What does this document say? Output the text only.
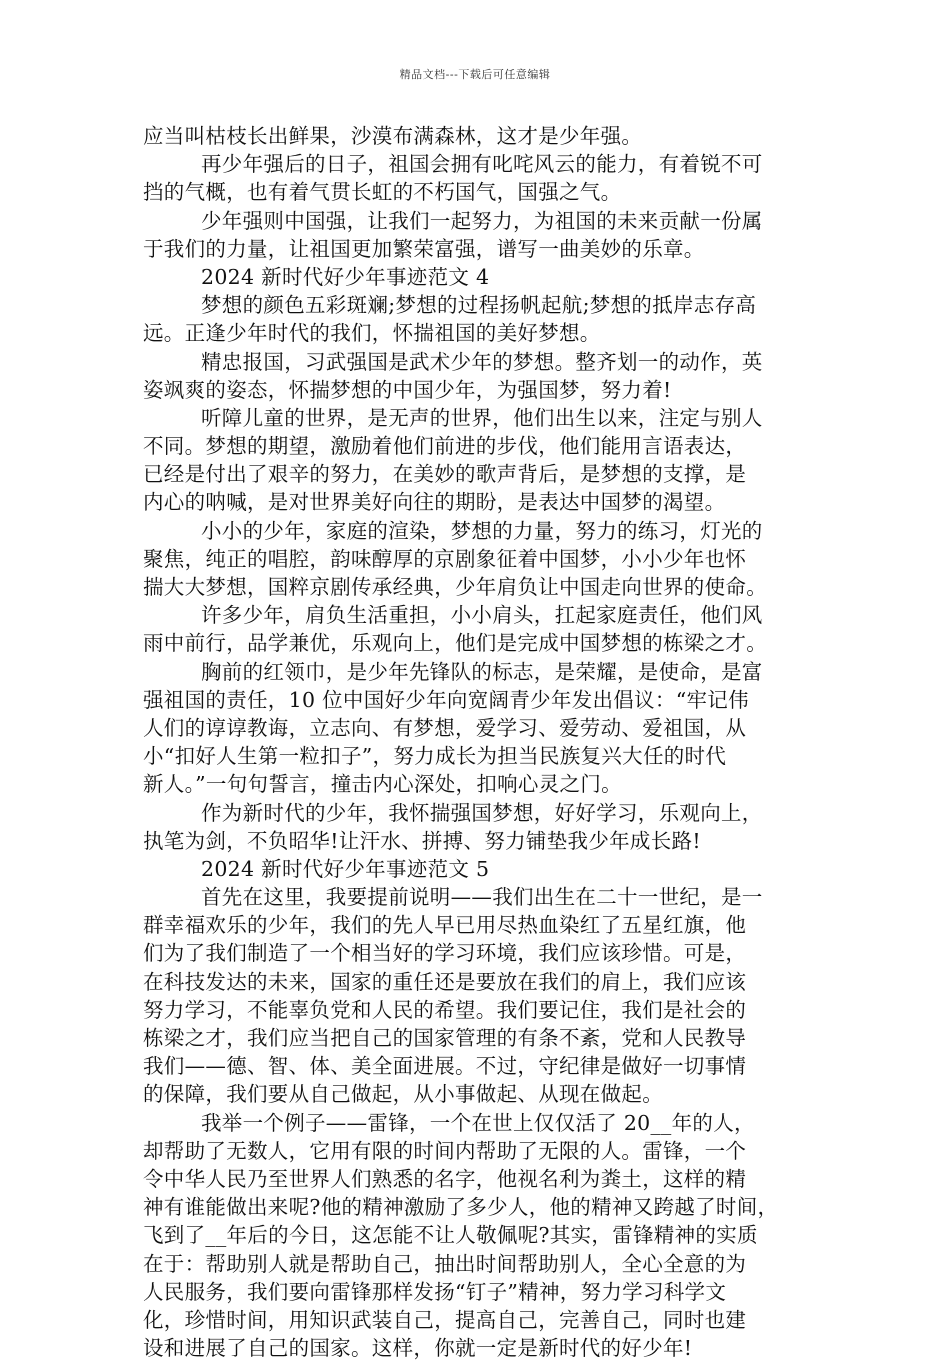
精品文档---下载后可任意编辑
应当叫枯枝长出鲜果，沙漠布满森林，这才是少年强。
再少年强后的日子，祖国会拥有叱咤风云的能力，有着锐不可
挡的气概，也有着气贯长虹的不朽国气，国强之气。
少年强则中国强，让我们一起努力，为祖国的未来贡献一份属
于我们的力量，让祖国更加繁荣富强，谱写一曲美妙的乐章。
2024 新时代好少年事迹范文 4
梦想的颜色五彩斑斓;梦想的过程扬帆起航;梦想的抵岸志存高
远。正逢少年时代的我们，怀揣祖国的美好梦想。
精忠报国，习武强国是武术少年的梦想。整齐划一的动作，英
姿飒爽的姿态，怀揣梦想的中国少年，为强国梦，努力着!
听障儿童的世界，是无声的世界，他们出生以来，注定与别人
不同。梦想的期望，激励着他们前进的步伐，他们能用言语表达，
已经是付出了艰辛的努力，在美妙的歌声背后，是梦想的支撑，是
内心的呐喊，是对世界美好向往的期盼，是表达中国梦的渴望。
小小的少年，家庭的渲染，梦想的力量，努力的练习，灯光的
聚焦，纯正的唱腔，韵味醇厚的京剧象征着中国梦，小小少年也怀
揣大大梦想，国粹京剧传承经典，少年肩负让中国走向世界的使命。
许多少年，肩负生活重担，小小肩头，扛起家庭责任，他们风
雨中前行，品学兼优，乐观向上，他们是完成中国梦想的栋梁之才。
胸前的红领巾，是少年先锋队的标志，是荣耀，是使命，是富
强祖国的责任，10 位中国好少年向宽阔青少年发出倡议：“牢记伟
人们的谆谆教诲，立志向、有梦想，爱学习、爱劳动、爱祖国，从
小“扣好人生第一粒扣子”，努力成长为担当民族复兴大任的时代
新人。”一句句誓言，撞击内心深处，扣响心灵之门。
作为新时代的少年，我怀揣强国梦想，好好学习，乐观向上，
执笔为剑，不负昭华!让汗水、拼搏、努力铺垫我少年成长路!
2024 新时代好少年事迹范文 5
首先在这里，我要提前说明——我们出生在二十一世纪，是一
群幸福欢乐的少年，我们的先人早已用尽热血染红了五星红旗，他
们为了我们制造了一个相当好的学习环境，我们应该珍惜。可是，
在科技发达的未来，国家的重任还是要放在我们的肩上，我们应该
努力学习，不能辜负党和人民的希望。我们要记住，我们是社会的
栋梁之才，我们应当把自己的国家管理的有条不紊，党和人民教导
我们——德、智、体、美全面进展。不过，守纪律是做好一切事情
的保障，我们要从自己做起，从小事做起、从现在做起。
我举一个例子——雷锋，一个在世上仅仅活了 20__年的人，
却帮助了无数人，它用有限的时间内帮助了无限的人。雷锋，一个
令中华人民乃至世界人们熟悉的名字，他视名利为粪土，这样的精
神有谁能做出来呢?他的精神激励了多少人，他的精神又跨越了时间，
飞到了__年后的今日，这怎能不让人敬佩呢?其实，雷锋精神的实质
在于：帮助别人就是帮助自己，抽出时间帮助别人，全心全意的为
人民服务，我们要向雷锋那样发扬“钉子”精神，努力学习科学文
化，珍惜时间，用知识武装自己，提高自己，完善自己，同时也建
设和进展了自己的国家。这样，你就一定是新时代的好少年!
